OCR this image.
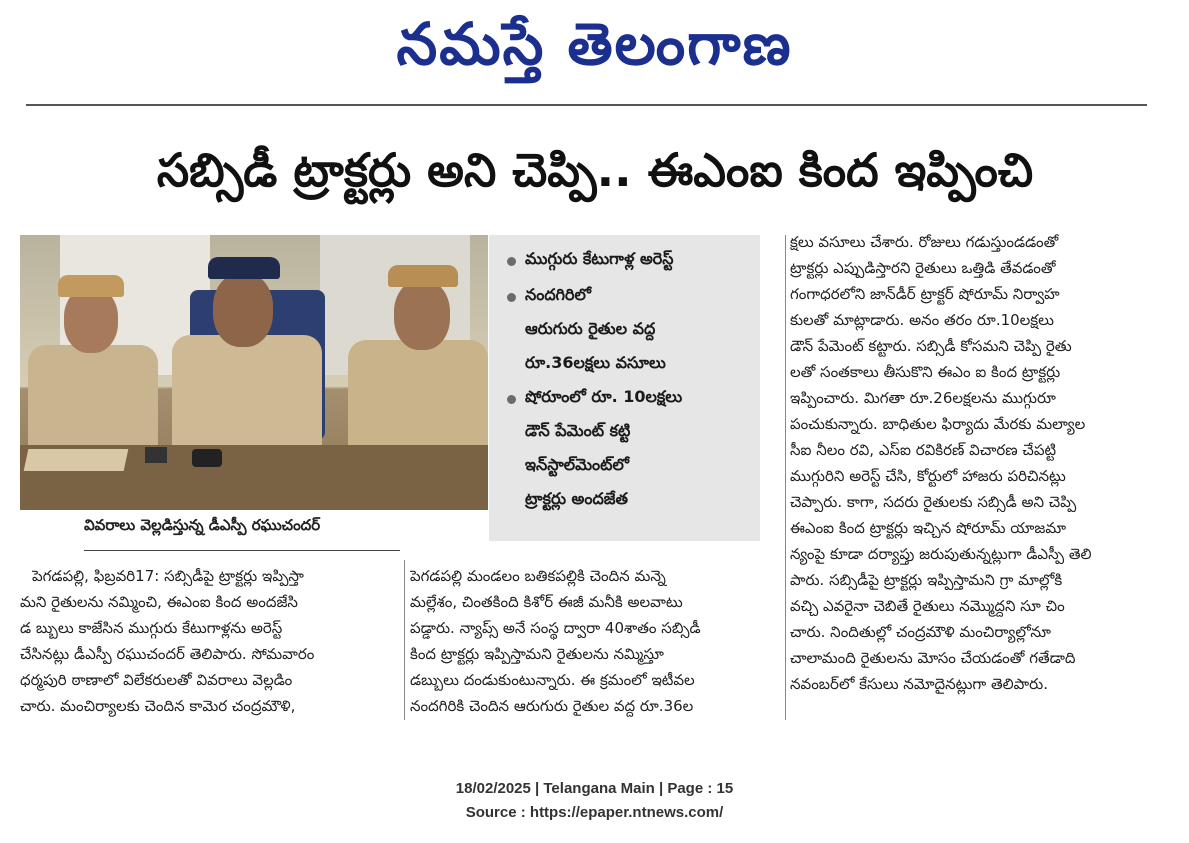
నమస్తే తెలంగాణ
సబ్సిడీ ట్రాక్టర్లు అని చెప్పి.. ఈఎంఐ కింద ఇప్పించి
వివరాలు వెల్లడిస్తున్న డీఎస్పీ రఘుచందర్
ముగ్గురు కేటుగాళ్ల అరెస్ట్
నందగిరిలో
ఆరుగురు రైతుల వద్ద
రూ.36లక్షలు వసూలు
షోరూంలో రూ. 10లక్షలు
డౌన్ పేమెంట్ కట్టి
ఇన్‌స్టాల్‌మెంట్‌లో
ట్రాక్టర్లు అందజేత
పెగడపల్లి, ఫిబ్రవరి17: సబ్సిడీపై ట్రాక్టర్లు ఇప్పిస్తా
మని రైతులను నమ్మించి, ఈఎంఐ కింద అందజేసి
డ బ్బులు కాజేసిన ముగ్గురు కేటుగాళ్లను అరెస్ట్
చేసినట్లు డీఎస్పీ రఘుచందర్ తెలిపారు. సోమవారం
ధర్మపురి ఠాణాలో విలేకరులతో వివరాలు వెల్లడిం
చారు. మంచిర్యాలకు చెందిన కామెర చంద్రమౌళి,
పెగడపల్లి మండలం బతికపల్లికి చెందిన మన్నె
మల్లేశం, చింతకింది కిశోర్ ఈజీ మనీకి అలవాటు
పడ్డారు. న్యాప్స్ అనే సంస్థ ద్వారా 40శాతం సబ్సిడీ
కింద ట్రాక్టర్లు ఇప్పిస్తామని రైతులను నమ్మిస్తూ
డబ్బులు దండుకుంటున్నారు. ఈ క్రమంలో ఇటీవల
నందగిరికి చెందిన ఆరుగురు రైతుల వద్ద రూ.36ల
క్షలు వసూలు చేశారు. రోజులు గడుస్తుండడంతో
ట్రాక్టర్లు ఎప్పుడిస్తారని రైతులు ఒత్తిడి తేవడంతో
గంగాధరలోని జాన్‌డీర్ ట్రాక్టర్ షోరూమ్ నిర్వాహ
కులతో మాట్లాడారు. అనం తరం రూ.10లక్షలు
డౌన్ పేమెంట్ కట్టారు. సబ్సిడీ కోసమని చెప్పి రైతు
లతో సంతకాలు తీసుకొని ఈఎం ఐ కింద ట్రాక్టర్లు
ఇప్పించారు. మిగతా రూ.26లక్షలను ముగ్గురూ
పంచుకున్నారు. బాధితుల ఫిర్యాదు మేరకు మల్యాల
సీఐ నీలం రవి, ఎస్ఐ రవికిరణ్ విచారణ చేపట్టి
ముగ్గురిని అరెస్ట్ చేసి, కోర్టులో హాజరు పరిచినట్లు
చెప్పారు. కాగా, సదరు రైతులకు సబ్సిడీ అని చెప్పి
ఈఎంఐ కింద ట్రాక్టర్లు ఇచ్చిన షోరూమ్ యాజమా
న్యంపై కూడా దర్యాప్తు జరుపుతున్నట్లుగా డీఎస్పీ తెలి
పారు. సబ్సిడీపై ట్రాక్టర్లు ఇప్పిస్తామని గ్రా మాల్లోకి
వచ్చి ఎవరైనా చెబితే రైతులు నమ్మొద్దని సూ చిం
చారు. నిందితుల్లో చంద్రమౌళి మంచిర్యాల్లోనూ
చాలామంది రైతులను మోసం చేయడంతో గతేడాది
నవంబర్‌లో కేసులు నమోదైనట్లుగా తెలిపారు.
18/02/2025 | Telangana Main | Page : 15
Source : https://epaper.ntnews.com/
